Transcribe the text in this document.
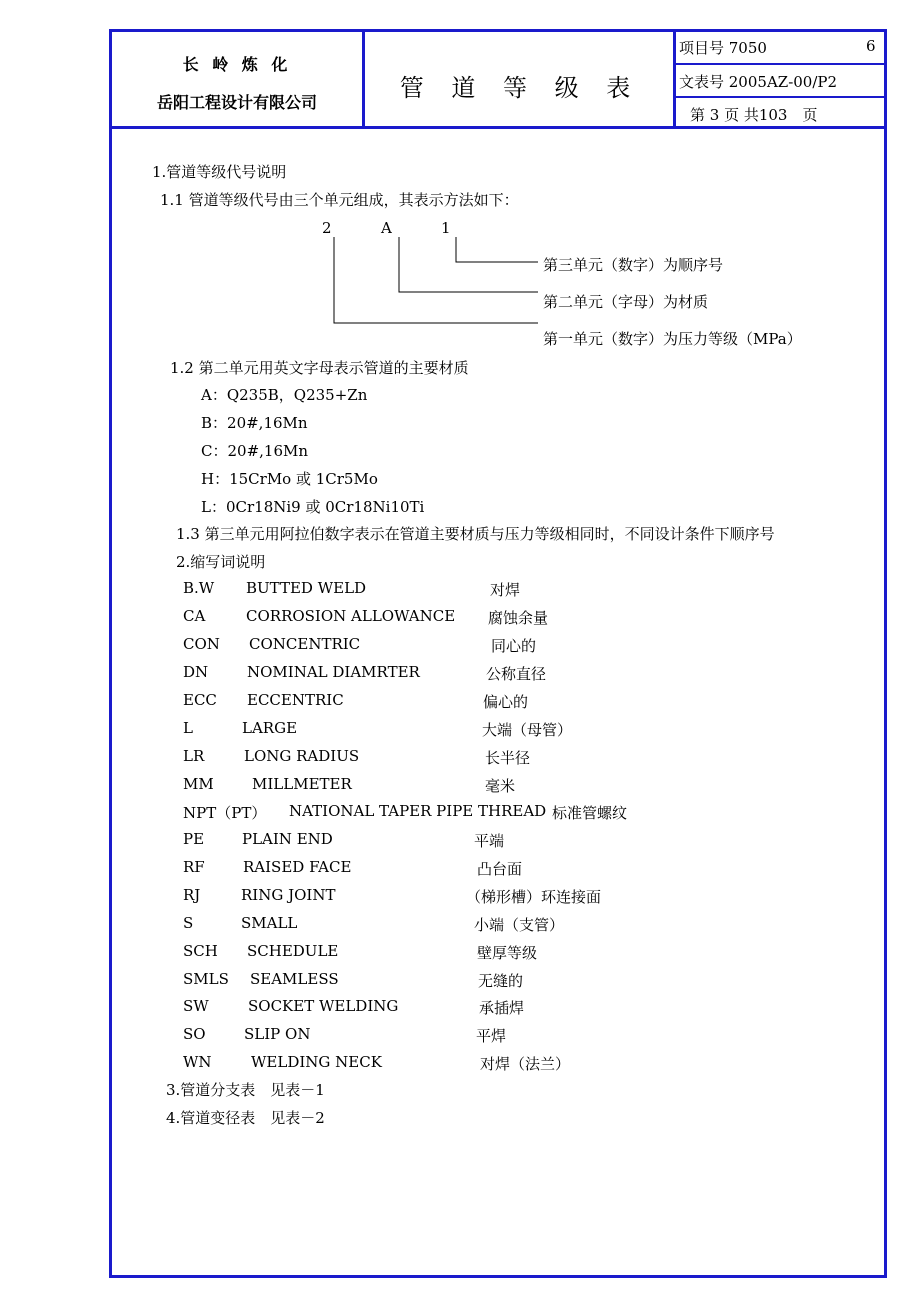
长 岭 炼 化
岳阳工程设计有限公司
管 道 等 级 表
项目号 7050	6
文表号 2005AZ-00/P2
第 3 页 共103　页
1.管道等级代号说明
1.1 管道等级代号由三个单元组成，其表示方法如下：
2	A	1
第三单元（数字）为顺序号
第二单元（字母）为材质
第一单元（数字）为压力等级（MPa）
1.2 第二单元用英文字母表示管道的主要材质
A：Q235B，Q235+Zn
B：20#,16Mn
C：20#,16Mn
H：15CrMo 或 1Cr5Mo
L：0Cr18Ni9 或 0Cr18Ni10Ti
1.3 第三单元用阿拉伯数字表示在管道主要材质与压力等级相同时，不同设计条件下顺序号
2.缩写词说明
B.W BUTTED WELD	对焊
CA	CORROSION ALLOWANCE 腐蚀余量
CON CONCENTRIC	同心的
DN	NOMINAL DIAMRTER	公称直径
ECC ECCENTRIC	偏心的
L	LARGE	大端（母管）
LR	LONG RADIUS	长半径
MM	MILLMETER	毫米
NPT（PT） NATIONAL TAPER PIPE THREAD 标准管螺纹
PE	PLAIN END	平端
RF	RAISED FACE	凸台面
RJ	RING JOINT	（梯形槽）环连接面
S	SMALL	小端（支管）
SCH SCHEDULE	壁厚等级
SMLS SEAMLESS	无缝的
SW	SOCKET WELDING	承插焊
SO	SLIP ON	平焊
WN	WELDING NECK	对焊（法兰）
3.管道分支表　见表－1
4.管道变径表　见表－2
